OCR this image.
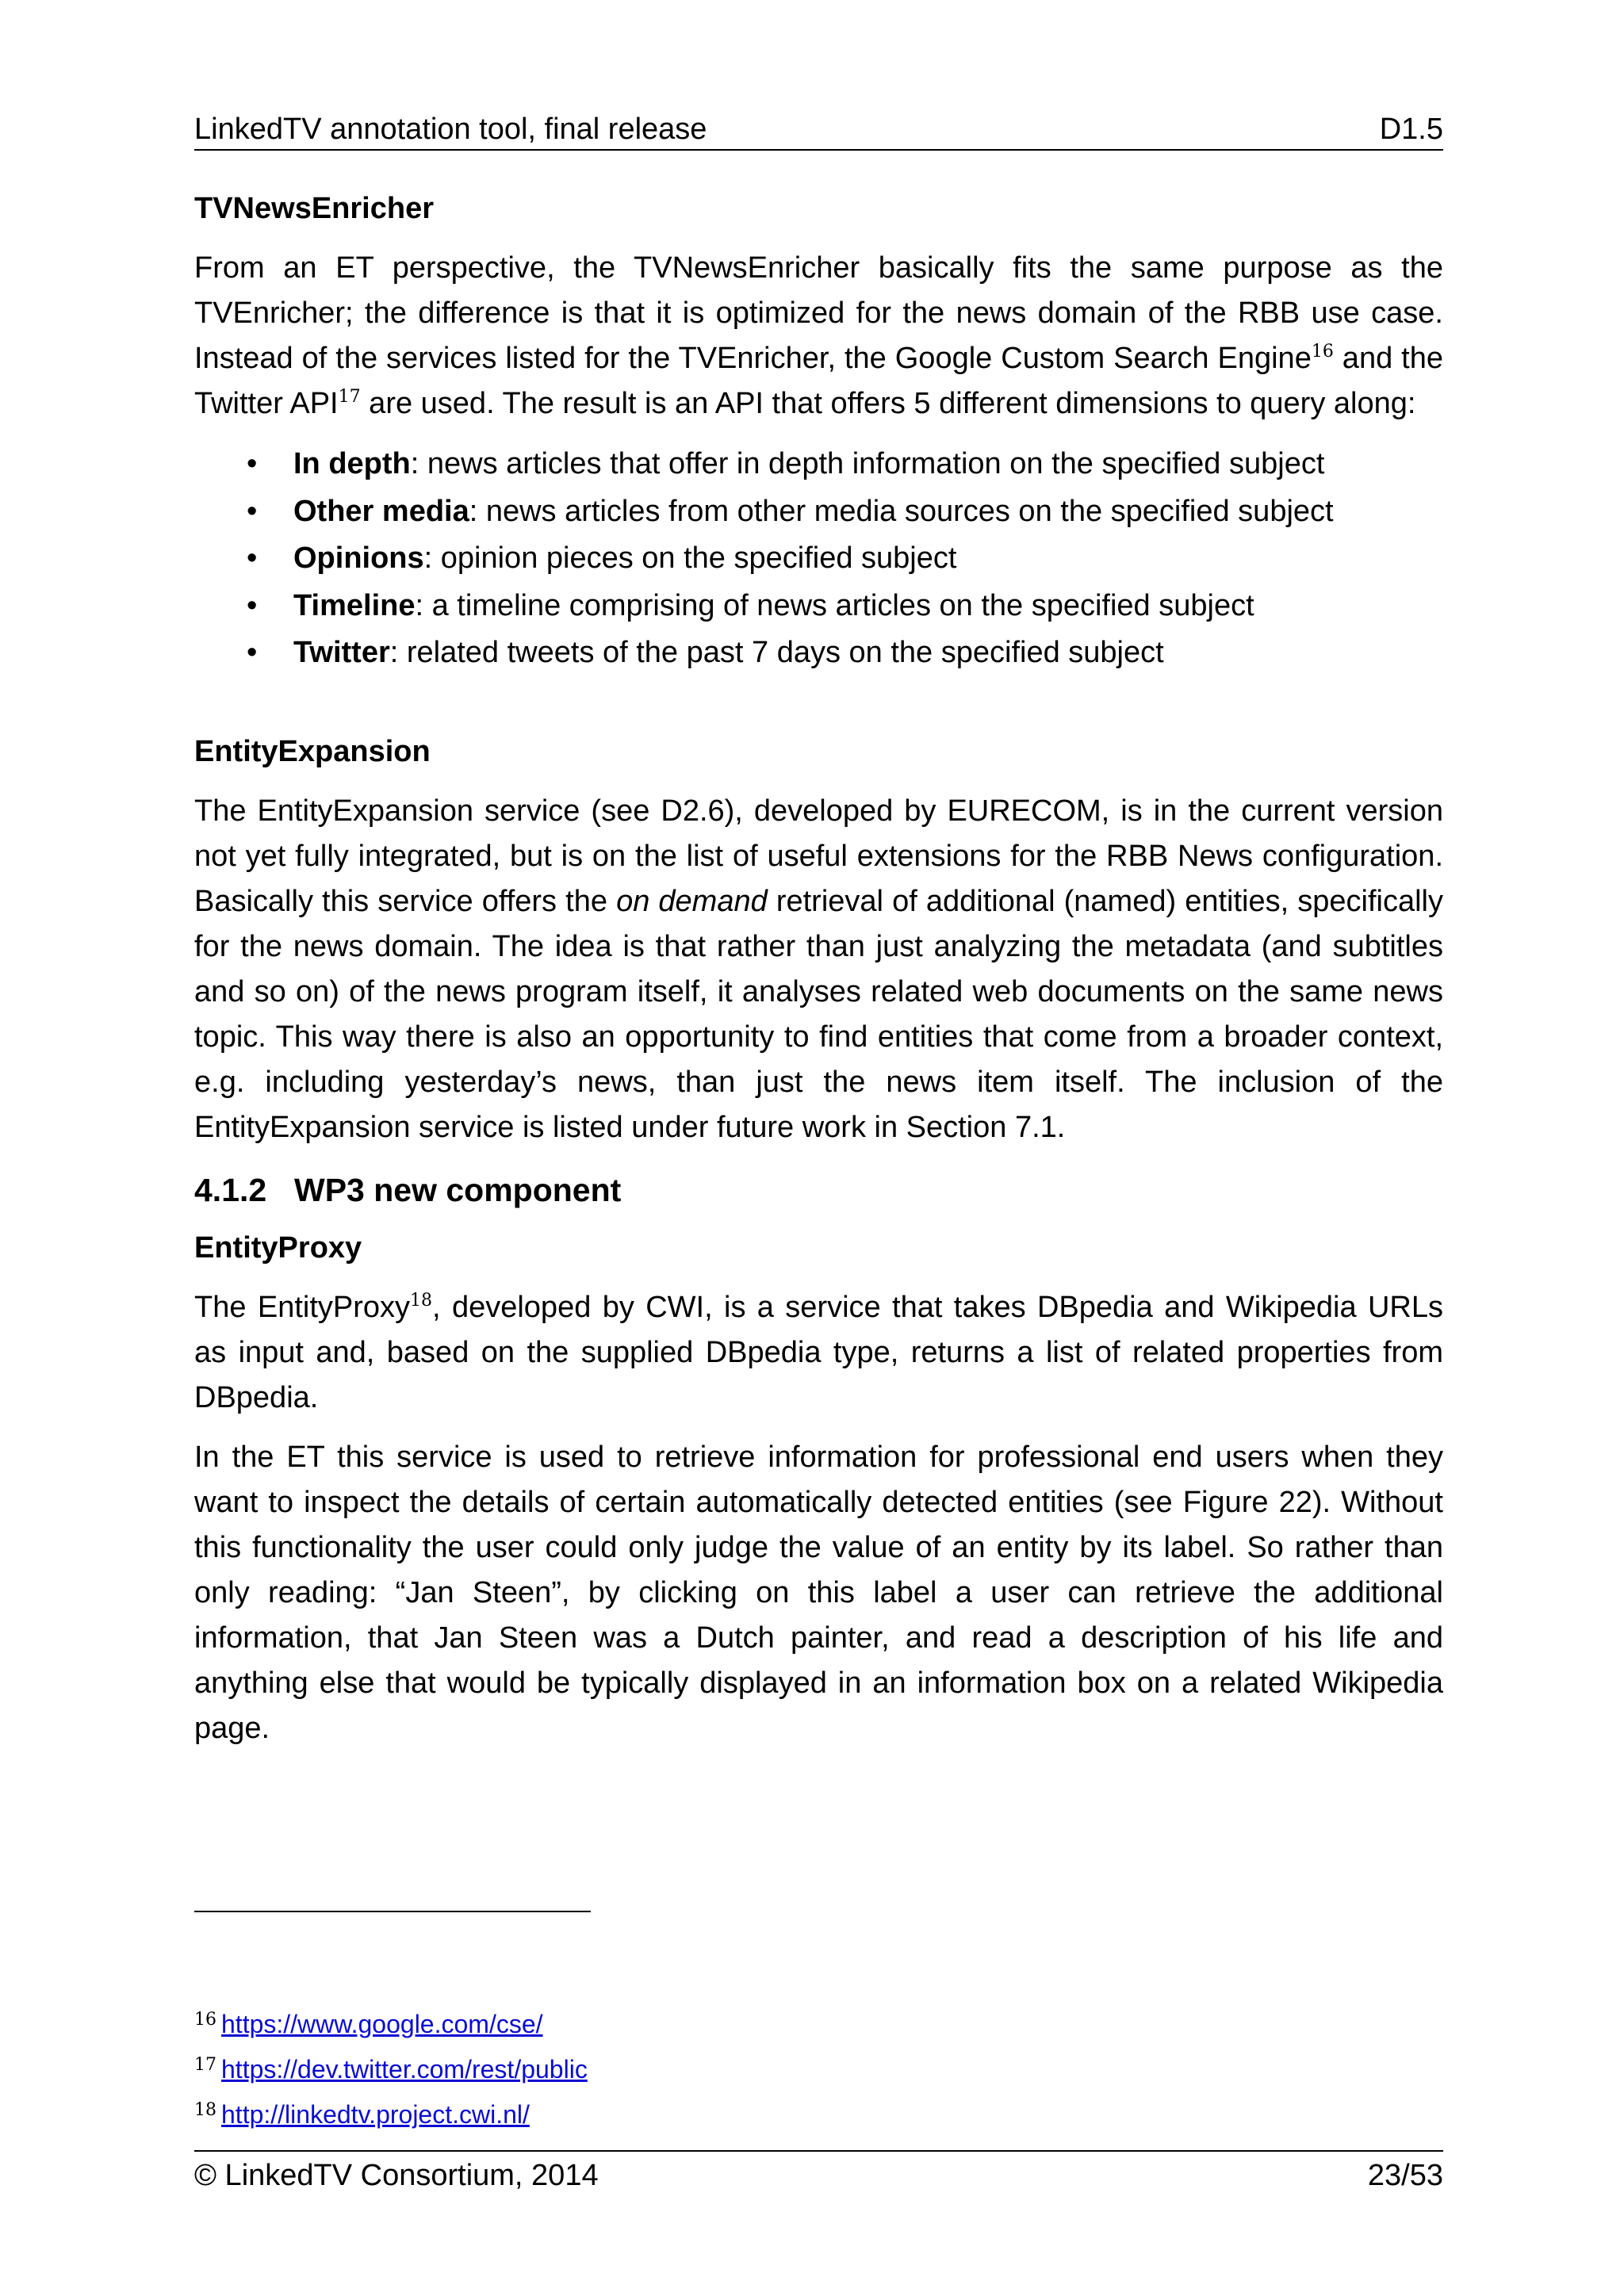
LinkedTV annotation tool, final release	D1.5
TVNewsEnricher

From an ET perspective, the TVNewsEnricher basically fits the same purpose as the TVEnricher; the difference is that it is optimized for the news domain of the RBB use case. Instead of the services listed for the TVEnricher, the Google Custom Search Engine$^{16}$ and the Twitter API$^{17}$ are used. The result is an API that offers 5 different dimensions to query along:

• In depth: news articles that offer in depth information on the specified subject
• Other media: news articles from other media sources on the specified subject
• Opinions: opinion pieces on the specified subject
• Timeline: a timeline comprising of news articles on the specified subject
• Twitter: related tweets of the past 7 days on the specified subject
EntityExpansion

The EntityExpansion service (see D2.6), developed by EURECOM, is in the current version not yet fully integrated, but is on the list of useful extensions for the RBB News configuration. Basically this service offers the on demand retrieval of additional (named) entities, specifically for the news domain. The idea is that rather than just analyzing the metadata (and subtitles and so on) of the news program itself, it analyses related web documents on the same news topic. This way there is also an opportunity to find entities that come from a broader context, e.g. including yesterday’s news, than just the news item itself. The inclusion of the EntityExpansion service is listed under future work in Section 7.1.

4.1.2 WP3 new component
EntityProxy

The EntityProxy$^{18}$, developed by CWI, is a service that takes DBpedia and Wikipedia URLs as input and, based on the supplied DBpedia type, returns a list of related properties from DBpedia.

In the ET this service is used to retrieve information for professional end users when they want to inspect the details of certain automatically detected entities (see Figure 22). Without this functionality the user could only judge the value of an entity by its label. So rather than only reading: “Jan Steen”, by clicking on this label a user can retrieve the additional information, that Jan Steen was a Dutch painter, and read a description of his life and anything else that would be typically displayed in an information box on a related Wikipedia page.

$^{16}$ https://www.google.com/cse/
$^{17}$ https://dev.twitter.com/rest/public
$^{18}$ http://linkedtv.project.cwi.nl/
© LinkedTV Consortium, 2014	23/53
